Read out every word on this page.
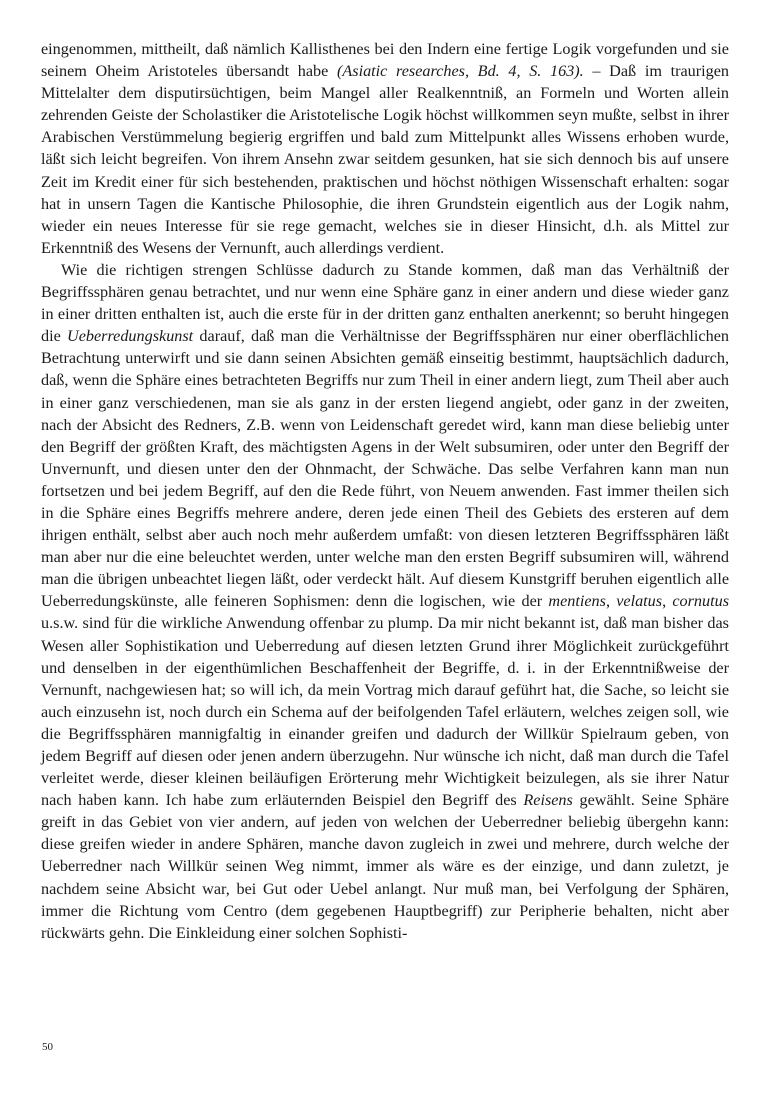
eingenommen, mittheilt, daß nämlich Kallisthenes bei den Indern eine fertige Logik vorgefunden und sie seinem Oheim Aristoteles übersandt habe (Asiatic researches, Bd. 4, S. 163). – Daß im traurigen Mittelalter dem disputirsüchtigen, beim Mangel aller Realkenntniß, an Formeln und Worten allein zehrenden Geiste der Scholastiker die Aristotelische Logik höchst willkommen seyn mußte, selbst in ihrer Arabischen Verstümmelung begierig ergriffen und bald zum Mittelpunkt alles Wissens erhoben wurde, läßt sich leicht begreifen. Von ihrem Ansehn zwar seitdem gesunken, hat sie sich dennoch bis auf unsere Zeit im Kredit einer für sich bestehenden, praktischen und höchst nöthigen Wissenschaft erhalten: sogar hat in unsern Tagen die Kantische Philosophie, die ihren Grundstein eigentlich aus der Logik nahm, wieder ein neues Interesse für sie rege gemacht, welches sie in dieser Hinsicht, d.h. als Mittel zur Erkenntniß des Wesens der Vernunft, auch allerdings verdient.

Wie die richtigen strengen Schlüsse dadurch zu Stande kommen, daß man das Verhältniß der Begriffssphären genau betrachtet, und nur wenn eine Sphäre ganz in einer andern und diese wieder ganz in einer dritten enthalten ist, auch die erste für in der dritten ganz enthalten anerkennt; so beruht hingegen die Ueberredungskunst darauf, daß man die Verhältnisse der Begriffssphären nur einer oberflächlichen Betrachtung unterwirft und sie dann seinen Absichten gemäß einseitig bestimmt, hauptsächlich dadurch, daß, wenn die Sphäre eines betrachteten Begriffs nur zum Theil in einer andern liegt, zum Theil aber auch in einer ganz verschiedenen, man sie als ganz in der ersten liegend angiebt, oder ganz in der zweiten, nach der Absicht des Redners, Z.B. wenn von Leidenschaft geredet wird, kann man diese beliebig unter den Begriff der größten Kraft, des mächtigsten Agens in der Welt subsumiren, oder unter den Begriff der Unvernunft, und diesen unter den der Ohnmacht, der Schwäche. Das selbe Verfahren kann man nun fortsetzen und bei jedem Begriff, auf den die Rede führt, von Neuem anwenden. Fast immer theilen sich in die Sphäre eines Begriffs mehrere andere, deren jede einen Theil des Gebiets des ersteren auf dem ihrigen enthält, selbst aber auch noch mehr außerdem umfaßt: von diesen letzteren Begriffssphären läßt man aber nur die eine beleuchtet werden, unter welche man den ersten Begriff subsumiren will, während man die übrigen unbeachtet liegen läßt, oder verdeckt hält. Auf diesem Kunstgriff beruhen eigentlich alle Ueberredungskünste, alle feineren Sophismen: denn die logischen, wie der mentiens, velatus, cornutus u.s.w. sind für die wirkliche Anwendung offenbar zu plump. Da mir nicht bekannt ist, daß man bisher das Wesen aller Sophistikation und Ueberredung auf diesen letzten Grund ihrer Möglichkeit zurückgeführt und denselben in der eigenthümlichen Beschaffenheit der Begriffe, d. i. in der Erkenntnißweise der Vernunft, nachgewiesen hat; so will ich, da mein Vortrag mich darauf geführt hat, die Sache, so leicht sie auch einzusehn ist, noch durch ein Schema auf der beifolgenden Tafel erläutern, welches zeigen soll, wie die Begriffssphären mannigfaltig in einander greifen und dadurch der Willkür Spielraum geben, von jedem Begriff auf diesen oder jenen andern überzugehn. Nur wünsche ich nicht, daß man durch die Tafel verleitet werde, dieser kleinen beiläufigen Erörterung mehr Wichtigkeit beizulegen, als sie ihrer Natur nach haben kann. Ich habe zum erläuternden Beispiel den Begriff des Reisens gewählt. Seine Sphäre greift in das Gebiet von vier andern, auf jeden von welchen der Ueberredner beliebig übergehn kann: diese greifen wieder in andere Sphären, manche davon zugleich in zwei und mehrere, durch welche der Ueberredner nach Willkür seinen Weg nimmt, immer als wäre es der einzige, und dann zuletzt, je nachdem seine Absicht war, bei Gut oder Uebel anlangt. Nur muß man, bei Verfolgung der Sphären, immer die Richtung vom Centro (dem gegebenen Hauptbegriff) zur Peripherie behalten, nicht aber rückwärts gehn. Die Einkleidung einer solchen Sophisti-

50
